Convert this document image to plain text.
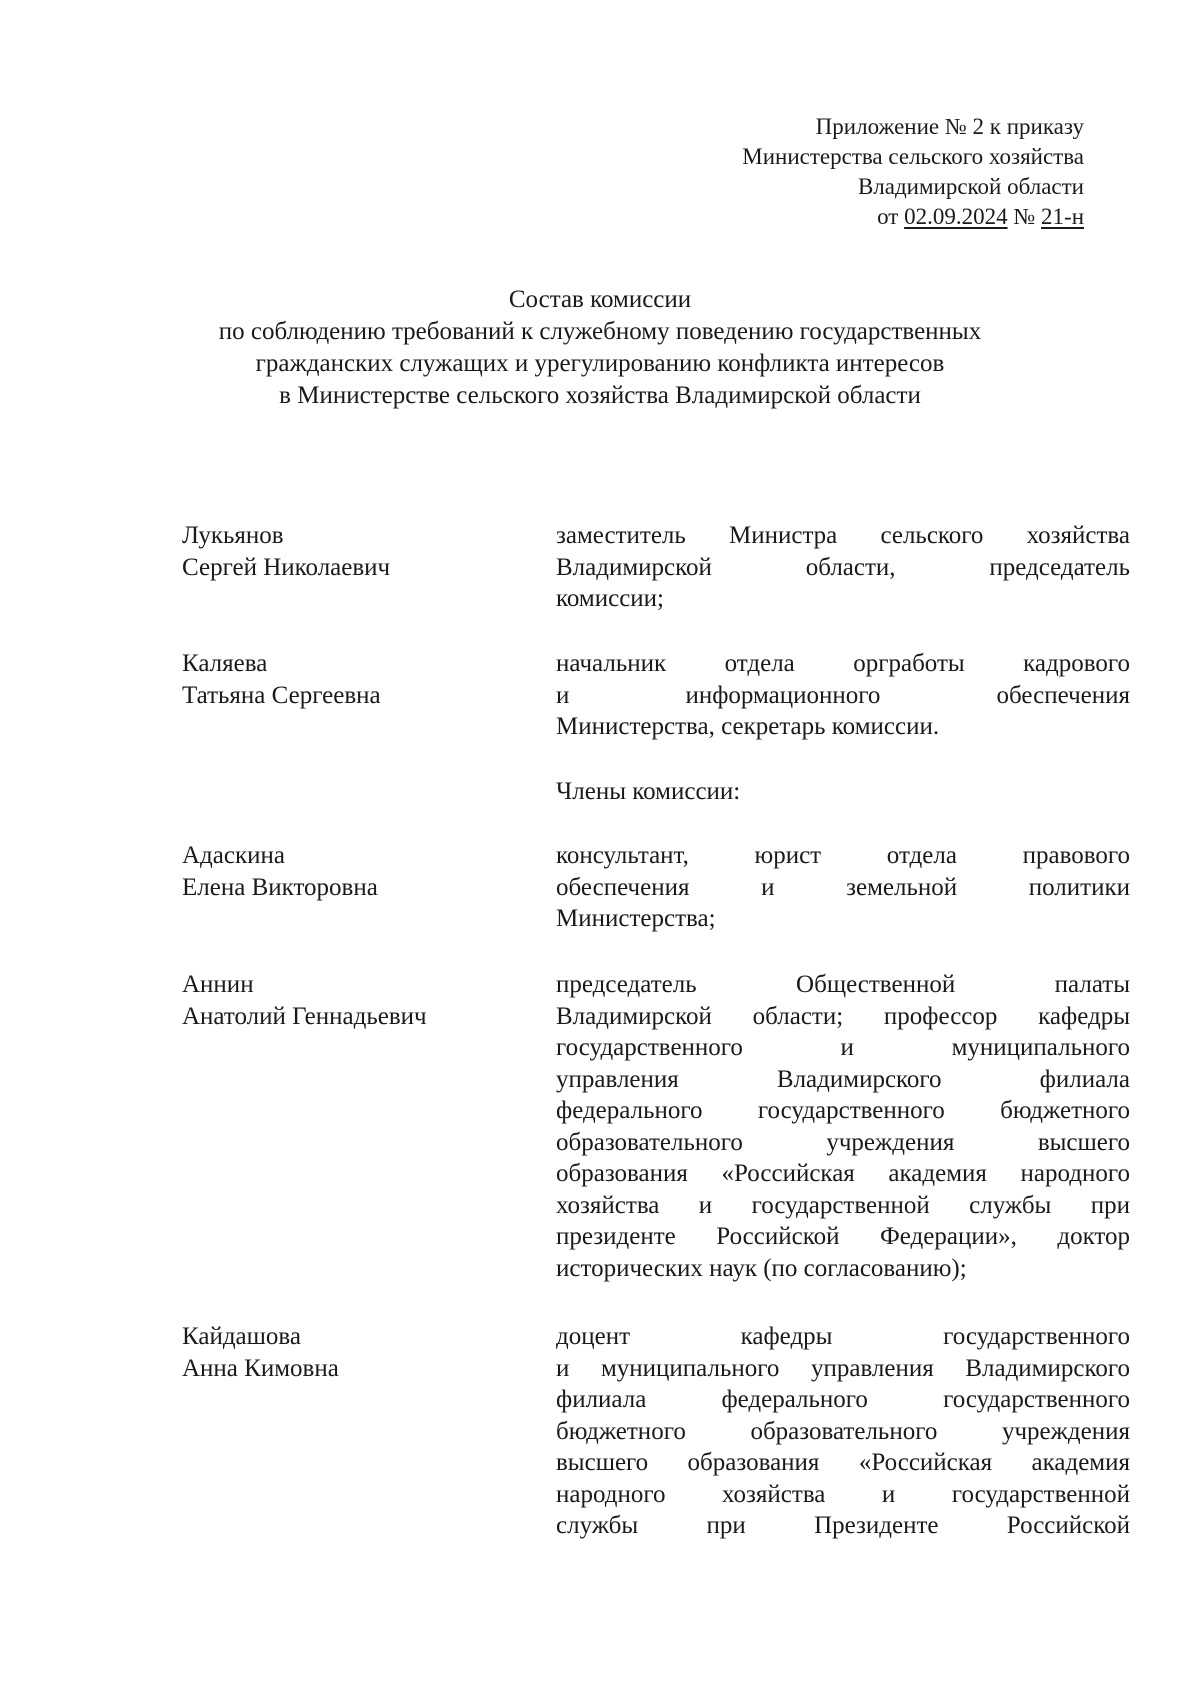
Приложение № 2 к приказу
Министерства сельского хозяйства
Владимирской области
от 02.09.2024 № 21-н
Состав комиссии
по соблюдению требований к служебному поведению государственных
гражданских служащих и урегулированию конфликта интересов
в Министерстве сельского хозяйства Владимирской области
Лукьянов
Сергей Николаевич
заместитель Министра сельского хозяйства
Владимирской области, председатель
комиссии;
Каляева
Татьяна Сергеевна
начальник отдела оргработы кадрового
и информационного обеспечения
Министерства, секретарь комиссии.
Члены комиссии:
Адаскина
Елена Викторовна
консультант, юрист отдела правового
обеспечения и земельной политики
Министерства;
Аннин
Анатолий Геннадьевич
председатель Общественной палаты
Владимирской области; профессор кафедры
государственного и муниципального
управления Владимирского филиала
федерального государственного бюджетного
образовательного учреждения высшего
образования «Российская академия народного
хозяйства и государственной службы при
президенте Российской Федерации», доктор
исторических наук (по согласованию);
Кайдашова
Анна Кимовна
доцент кафедры государственного
и муниципального управления Владимирского
филиала федерального государственного
бюджетного образовательного учреждения
высшего образования «Российская академия
народного хозяйства и государственной
службы при Президенте Российской
